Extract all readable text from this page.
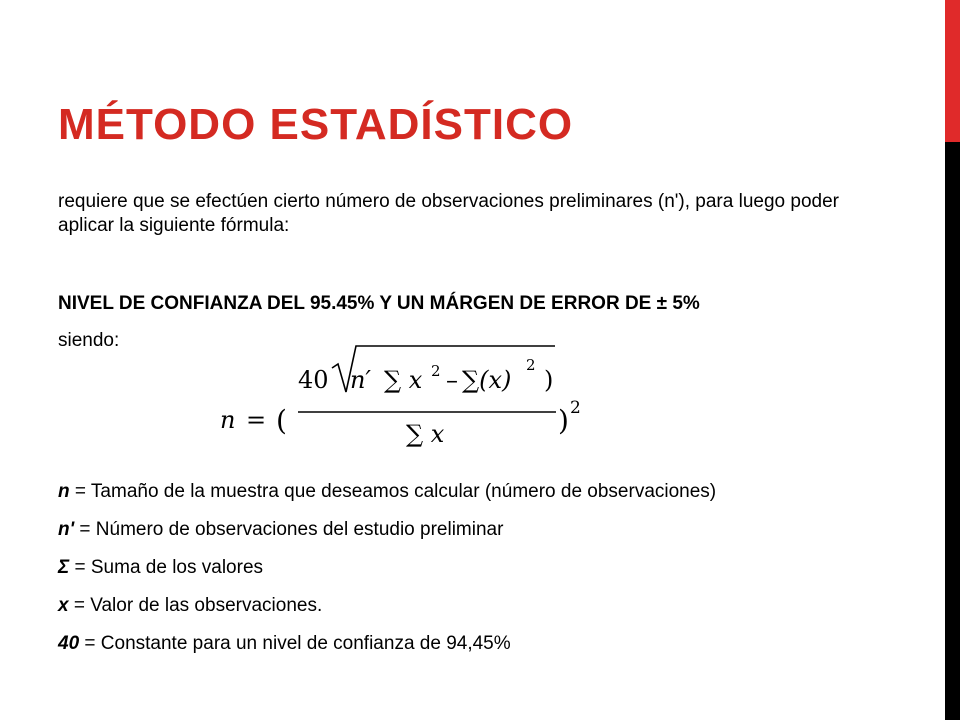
MÉTODO ESTADÍSTICO

requiere que se efectúen cierto número de observaciones preliminares (n'), para luego poder aplicar la siguiente fórmula:

NIVEL DE CONFIANZA DEL 95.45% Y UN MÁRGEN DE ERROR DE ± 5%

siendo:

n = (
40 n′ ∑ x 2 – ∑(x)
2
)
∑ x	) 2
n = Tamaño de la muestra que deseamos calcular (número de observaciones)
n' = Número de observaciones del estudio preliminar
Σ = Suma de los valores
x = Valor de las observaciones.
40 = Constante para un nivel de confianza de 94,45%
